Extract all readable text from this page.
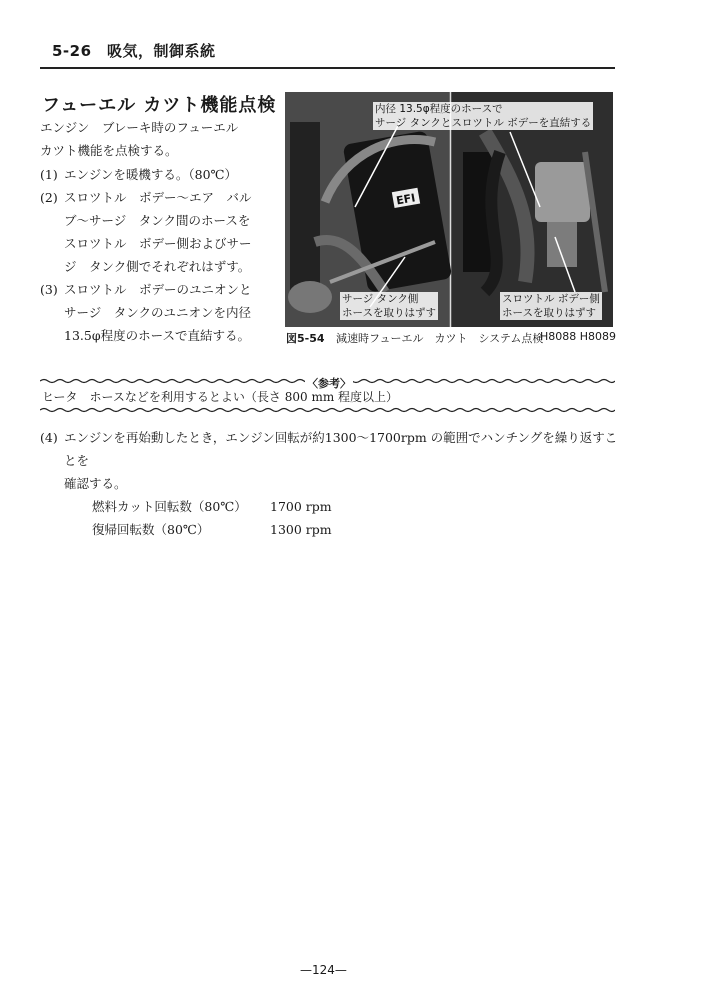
5-26　吸気，制御系統
フューエル カツト機能点検
エンジン　ブレーキ時のフューエル
カツト機能を点検する。
(1) エンジンを暖機する。（80℃）
(2) スロツトル　ボデー～エア　バル
ブ～サージ　タンク間のホースを
スロツトル　ボデー側およびサー
ジ　タンク側でそれぞれはずす。
(3) スロツトル　ボデーのユニオンと
サージ　タンクのユニオンを内径
13.5φ程度のホースで直結する。
EFI
内径 13.5φ程度のホースで
サージ タンクとスロツトル ボデーを直結する
サージ タンク側
ホースを取りはずす
スロツトル ボデー側
ホースを取りはずす
図5-54 減速時フューエル　カツト　システム点検
H8088 H8089
〈参考〉
ヒータ　ホースなどを利用するとよい（長さ 800 mm 程度以上）
(4) エンジンを再始動したとき，エンジン回転が約1300～1700rpm の範囲でハンチングを繰り返すことを
確認する。
燃料カット回転数（80℃） 1700 rpm
復帰回転数（80℃）	1300 rpm
—124—
